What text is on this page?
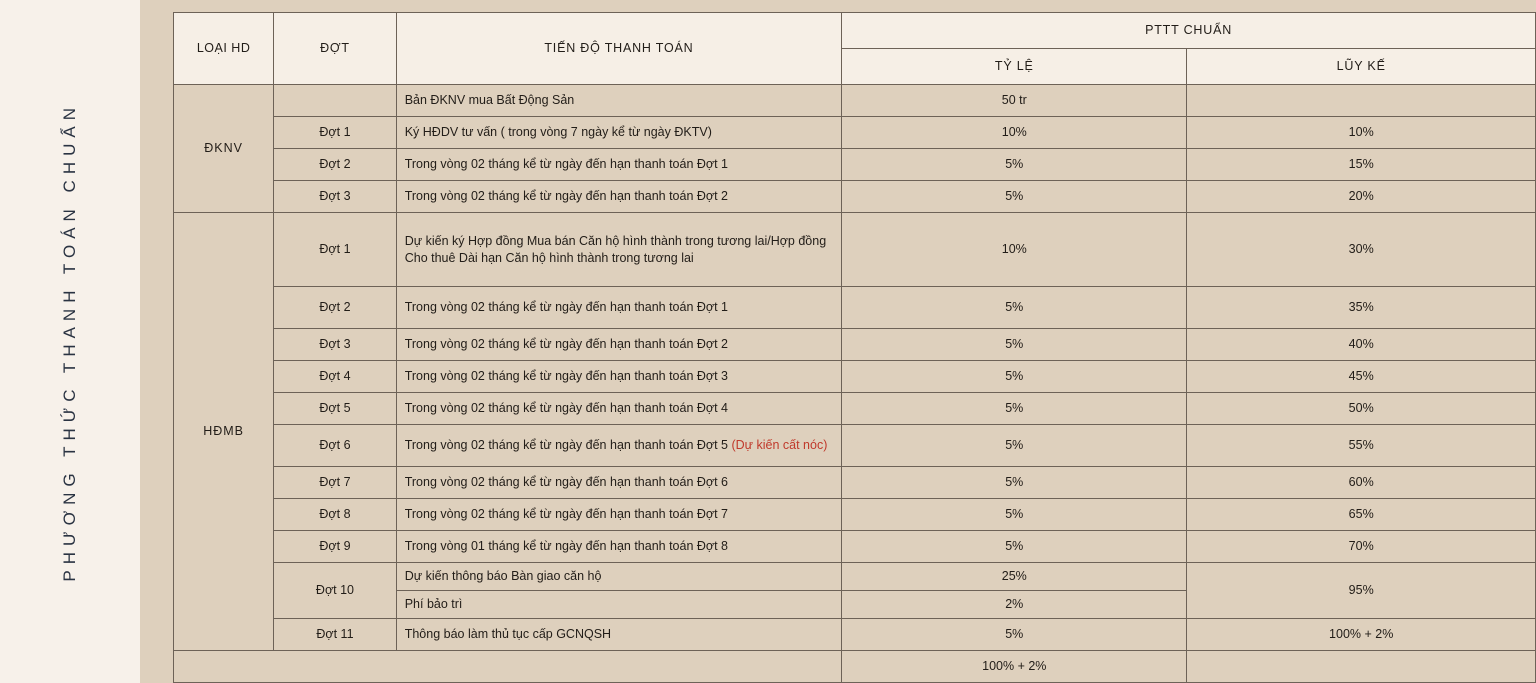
PHƯƠNG THỨC THANH TOÁN CHUẨN
LOẠI HD	ĐỢT	TIẾN ĐỘ THANH TOÁN	PTTT CHUẨN	
			TỶ LỆ	LŨY KẾ
ĐKNV		Bản ĐKNV mua Bất Động Sản	50 tr	
	Đợt 1	Ký HĐDV tư vấn ( trong vòng 7 ngày kể từ ngày ĐKTV)	10%	10%
	Đợt 2	Trong vòng 02 tháng kể từ ngày đến hạn thanh toán Đợt 1	5%	15%
	Đợt 3	Trong vòng 02 tháng kể từ ngày đến hạn thanh toán Đợt 2	5%	20%
HĐMB	Đợt 1	Dự kiến ký Hợp đồng Mua bán Căn hộ hình thành trong tương lai/Hợp đồng Cho thuê Dài hạn Căn hộ hình thành trong tương lai	10%	30%
	Đợt 2	Trong vòng 02 tháng kể từ ngày đến hạn thanh toán Đợt 1	5%	35%
	Đợt 3	Trong vòng 02 tháng kể từ ngày đến hạn thanh toán Đợt 2	5%	40%
	Đợt 4	Trong vòng 02 tháng kể từ ngày đến hạn thanh toán Đợt 3	5%	45%
	Đợt 5	Trong vòng 02 tháng kể từ ngày đến hạn thanh toán Đợt 4	5%	50%
	Đợt 6	Trong vòng 02 tháng kể từ ngày đến hạn thanh toán Đợt 5 (Dự kiến cất nóc)	5%	55%
	Đợt 7	Trong vòng 02 tháng kể từ ngày đến hạn thanh toán Đợt 6	5%	60%
	Đợt 8	Trong vòng 02 tháng kể từ ngày đến hạn thanh toán Đợt 7	5%	65%
	Đợt 9	Trong vòng 01 tháng kể từ ngày đến hạn thanh toán Đợt 8	5%	70%
	Đợt 10	Dự kiến thông báo Bàn giao căn hộ	25%	95%
		Phí bảo trì	2%	
	Đợt 11	Thông báo làm thủ tục cấp GCNQSH	5%	100% + 2%
			100% + 2%	
